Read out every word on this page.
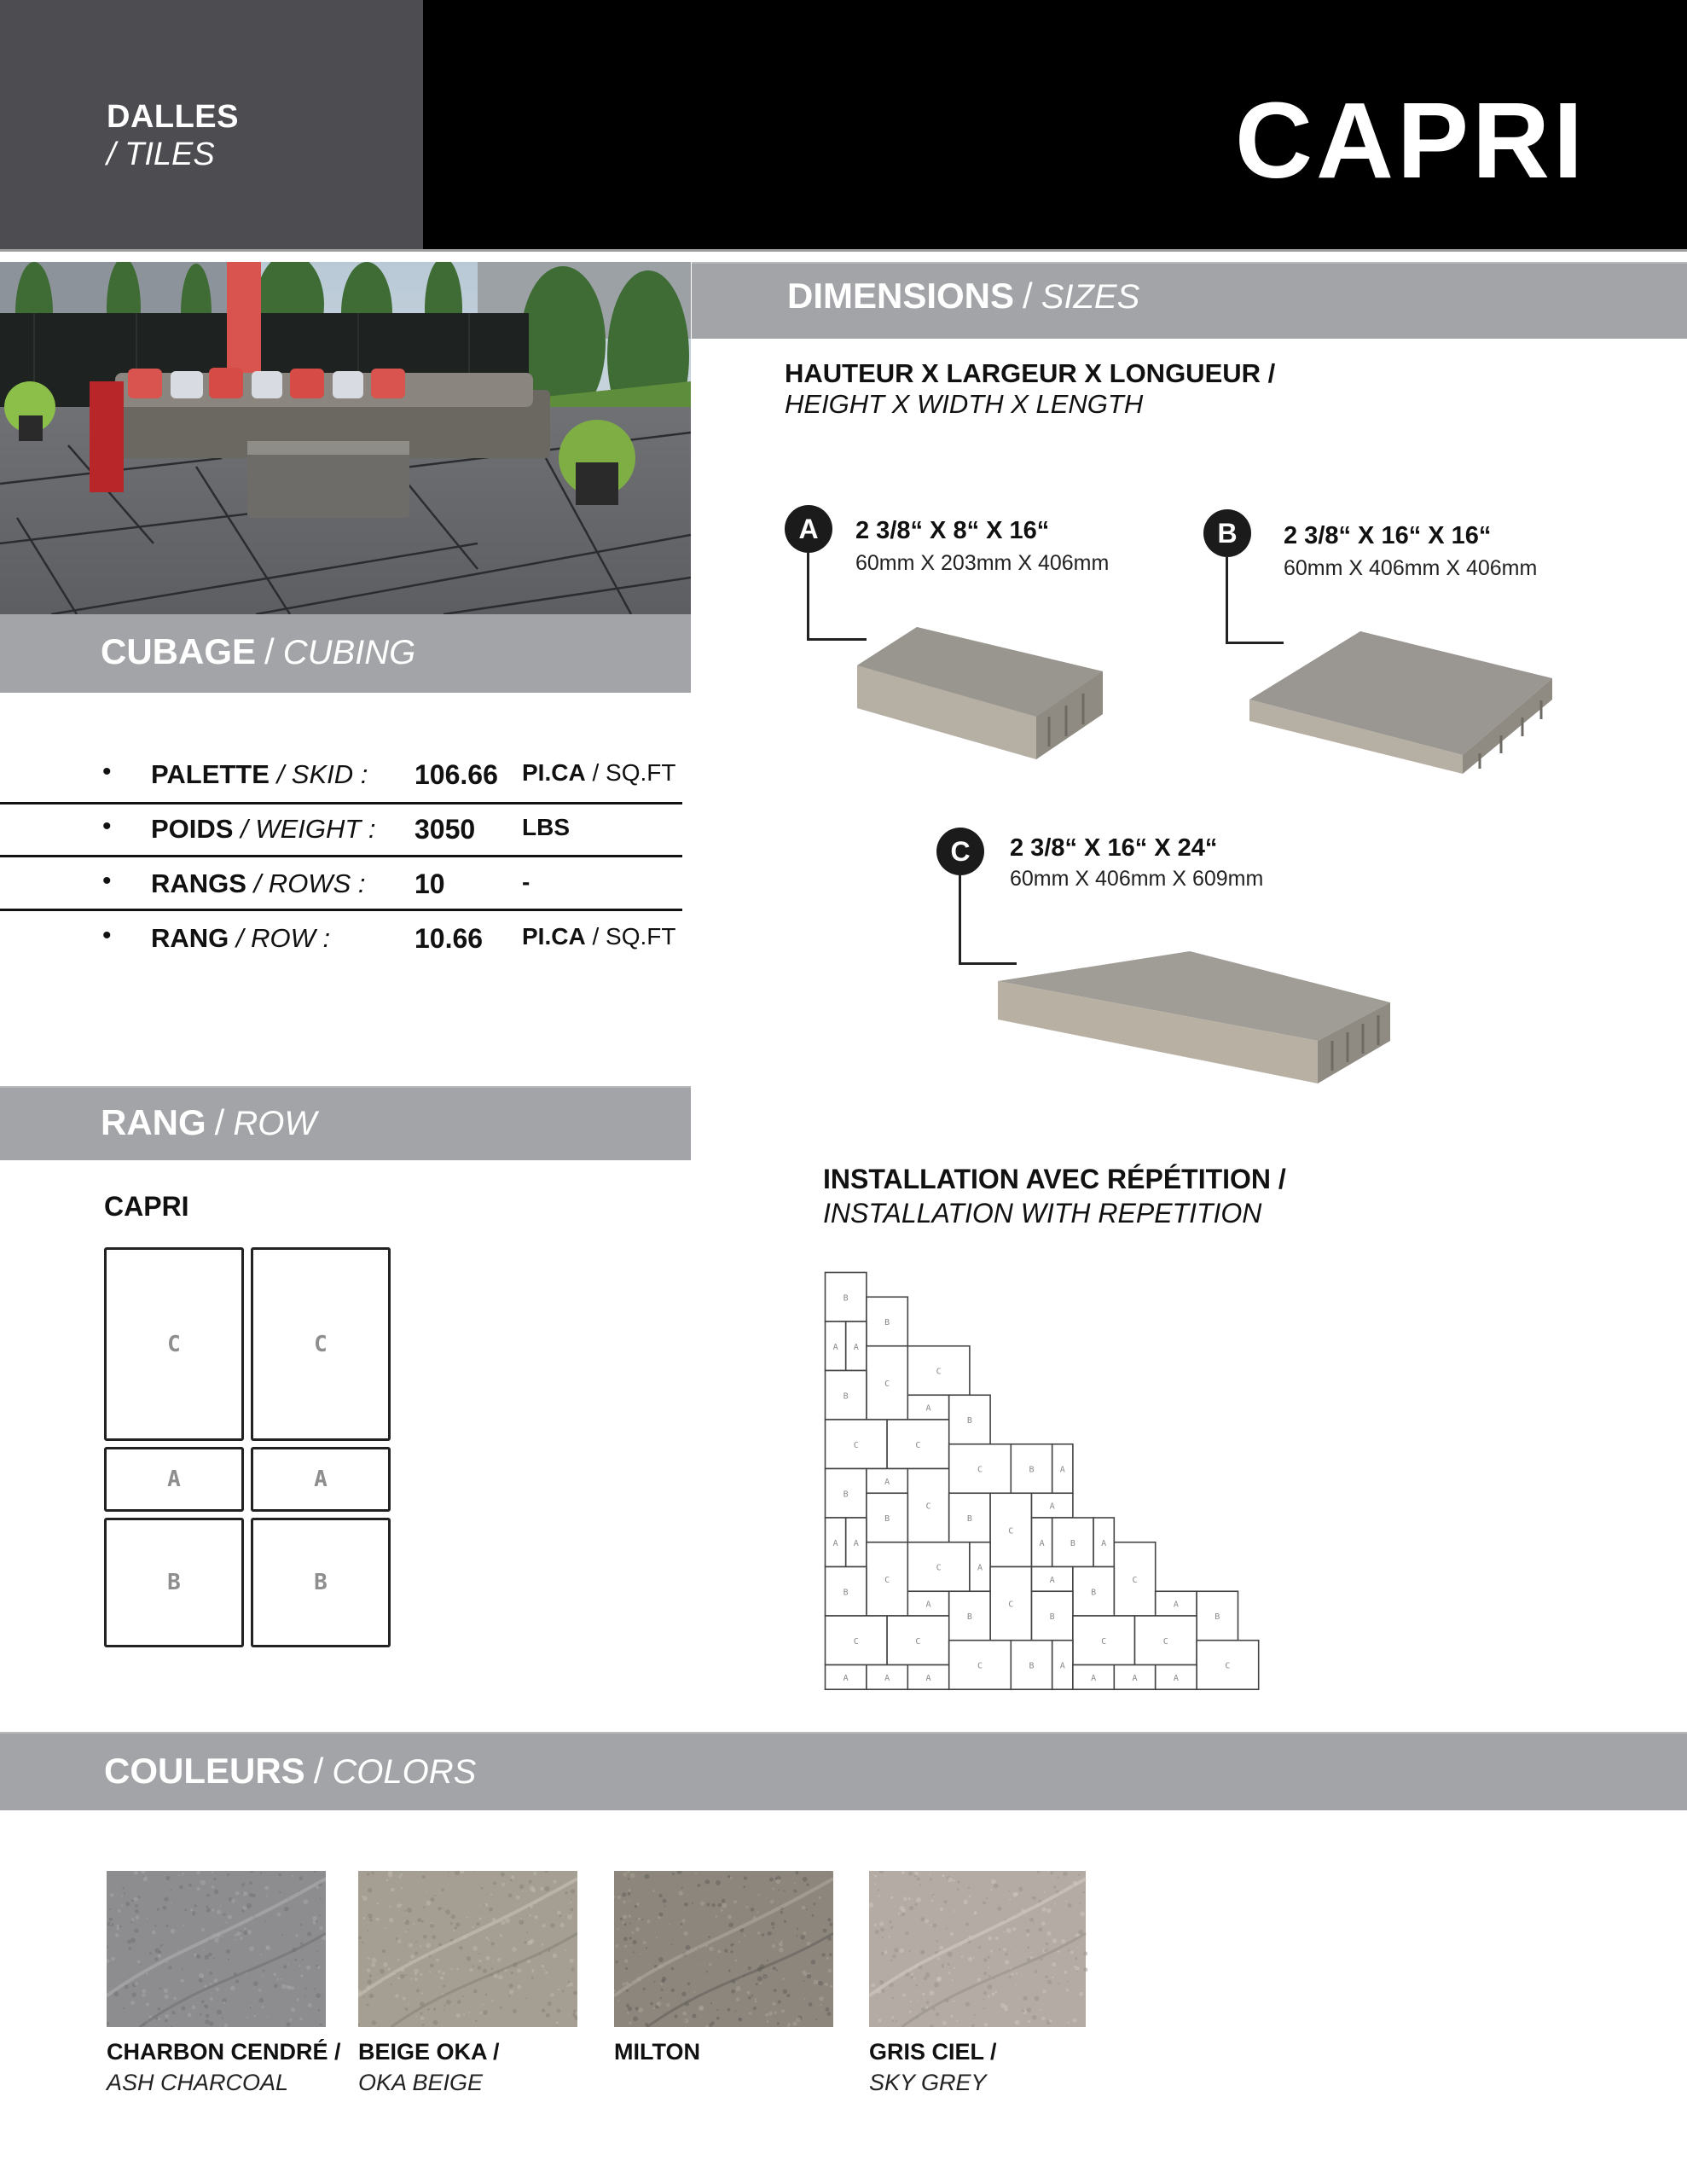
DALLES
/ TILES	CAPRI
DIMENSIONS / SIZES
CUBAGE / CUBING
RANG / ROW
COULEURS / COLORS
• PALETTE / SKID : 106.66 PI.CA / SQ.FT
• POIDS / WEIGHT : 3050 LBS
• RANGS / ROWS : 10	-
• RANG / ROW :	10.66 PI.CA / SQ.FT
HAUTEUR X LARGEUR X LONGUEUR /
HEIGHT X WIDTH X LENGTH
A	2 3/8“ X 8“ X 16“
60mm X 203mm X 406mm
B	2 3/8“ X 16“ X 16“
60mm X 406mm X 406mm
C	2 3/8“ X 16“ X 24“
60mm X 406mm X 609mm
CAPRI
C	C
A	A
B	B
INSTALLATION AVEC RÉPÉTITION /
INSTALLATION WITH REPETITION
B
B
A A
C
C
B
A
B
C	C
C	B	A
B
A
C
B	B
C
A
A A	A	B	A
C
C	A
C
B
C
A
B
A
B	B
A
B
C	C	C	C
C	B	A	C
A	A	A	A	A	A
CHARBON CENDRÉ /
ASH CHARCOAL
BEIGE OKA /
OKA BEIGE
MILTON	GRIS CIEL /
SKY GREY
